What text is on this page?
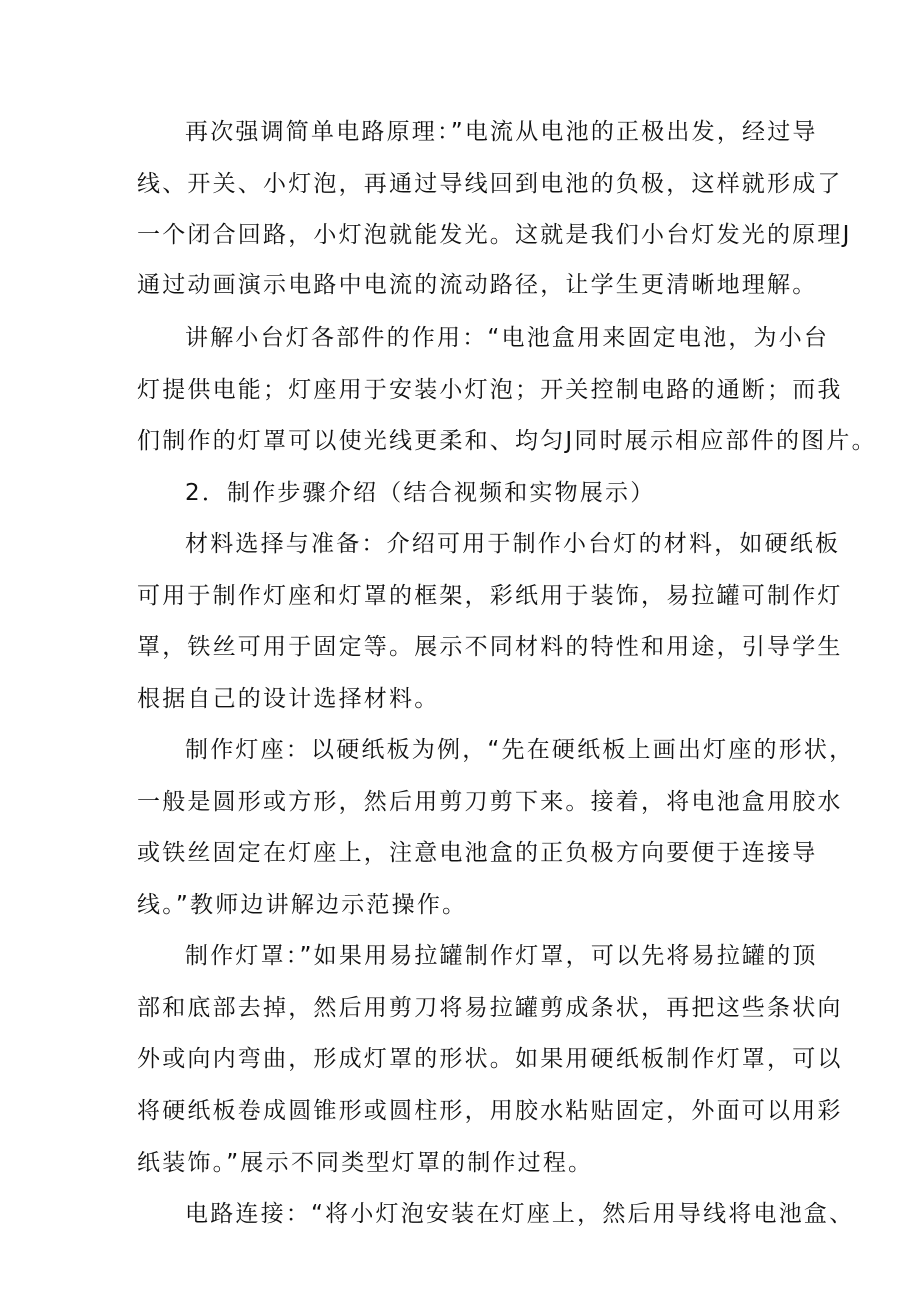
再次强调简单电路原理：”电流从电池的正极出发，经过导
线、开关、小灯泡，再通过导线回到电池的负极，这样就形成了
一个闭合回路，小灯泡就能发光。这就是我们小台灯发光的原理J
通过动画演示电路中电流的流动路径，让学生更清晰地理解。
讲解小台灯各部件的作用：“电池盒用来固定电池，为小台
灯提供电能；灯座用于安装小灯泡；开关控制电路的通断；而我
们制作的灯罩可以使光线更柔和、均匀J同时展示相应部件的图片。
2．制作步骤介绍（结合视频和实物展示）
材料选择与准备：介绍可用于制作小台灯的材料，如硬纸板
可用于制作灯座和灯罩的框架，彩纸用于装饰，易拉罐可制作灯
罩，铁丝可用于固定等。展示不同材料的特性和用途，引导学生
根据自己的设计选择材料。
制作灯座：以硬纸板为例，“先在硬纸板上画出灯座的形状，
一般是圆形或方形，然后用剪刀剪下来。接着，将电池盒用胶水
或铁丝固定在灯座上，注意电池盒的正负极方向要便于连接导
线。”教师边讲解边示范操作。
制作灯罩：”如果用易拉罐制作灯罩，可以先将易拉罐的顶
部和底部去掉，然后用剪刀将易拉罐剪成条状，再把这些条状向
外或向内弯曲，形成灯罩的形状。如果用硬纸板制作灯罩，可以
将硬纸板卷成圆锥形或圆柱形，用胶水粘贴固定，外面可以用彩
纸装饰。”展示不同类型灯罩的制作过程。
电路连接：“将小灯泡安装在灯座上，然后用导线将电池盒、
